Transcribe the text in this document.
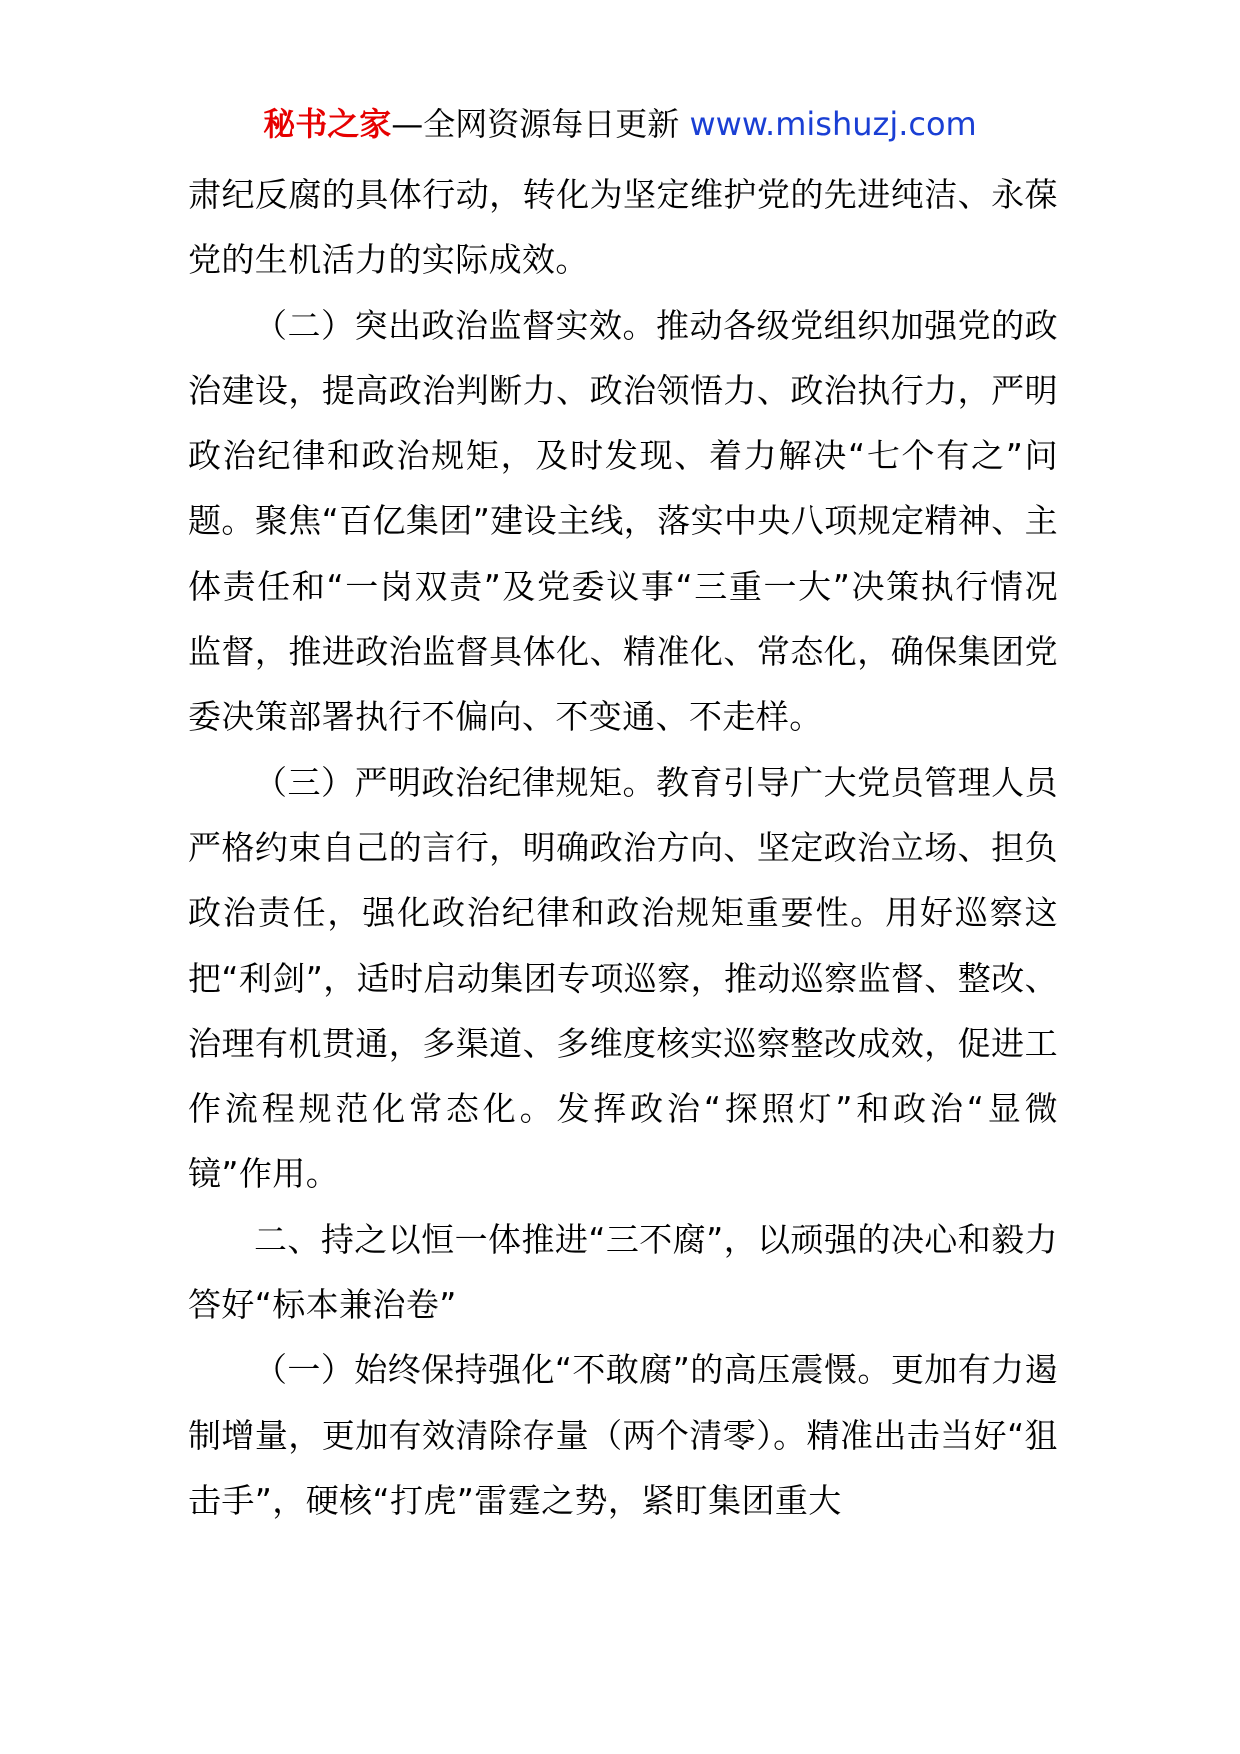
秘书之家—全网资源每日更新 www.mishuzj.com

肃纪反腐的具体行动，转化为坚定维护党的先进纯洁、永葆党的生机活力的实际成效。

（二）突出政治监督实效。推动各级党组织加强党的政治建设，提高政治判断力、政治领悟力、政治执行力，严明政治纪律和政治规矩，及时发现、着力解决“七个有之”问题。聚焦“百亿集团”建设主线，落实中央八项规定精神、主体责任和“一岗双责”及党委议事“三重一大”决策执行情况监督，推进政治监督具体化、精准化、常态化，确保集团党委决策部署执行不偏向、不变通、不走样。

（三）严明政治纪律规矩。教育引导广大党员管理人员严格约束自己的言行，明确政治方向、坚定政治立场、担负政治责任，强化政治纪律和政治规矩重要性。用好巡察这把“利剑”，适时启动集团专项巡察，推动巡察监督、整改、治理有机贯通，多渠道、多维度核实巡察整改成效，促进工作流程规范化常态化。发挥政治“探照灯”和政治“显微镜”作用。

二、持之以恒一体推进“三不腐”，以顽强的决心和毅力答好“标本兼治卷”

（一）始终保持强化“不敢腐”的高压震慑。更加有力遏制增量，更加有效清除存量（两个清零）。精准出击当好“狙击手”，硬核“打虎”雷霆之势，紧盯集团重大
